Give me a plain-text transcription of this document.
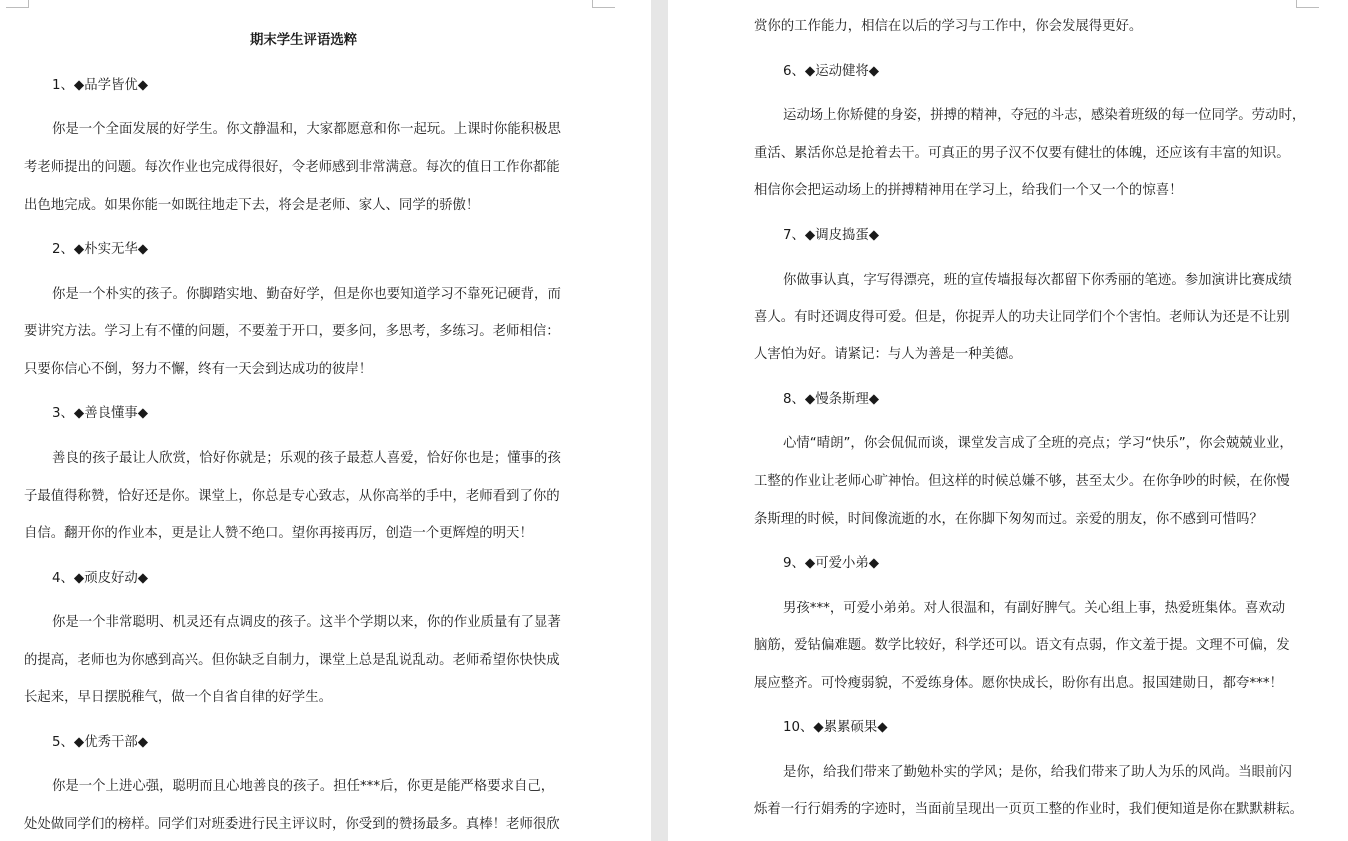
期末学生评语选粹
1、◆品学皆优◆
你是一个全面发展的好学生。你文静温和，大家都愿意和你一起玩。上课时你能积极思
考老师提出的问题。每次作业也完成得很好，令老师感到非常满意。每次的值日工作你都能
出色地完成。如果你能一如既往地走下去，将会是老师、家人、同学的骄傲！
2、◆朴实无华◆
你是一个朴实的孩子。你脚踏实地、勤奋好学，但是你也要知道学习不靠死记硬背，而
要讲究方法。学习上有不懂的问题，不要羞于开口，要多问，多思考，多练习。老师相信：
只要你信心不倒，努力不懈，终有一天会到达成功的彼岸！
3、◆善良懂事◆
善良的孩子最让人欣赏，恰好你就是；乐观的孩子最惹人喜爱，恰好你也是；懂事的孩
子最值得称赞，恰好还是你。课堂上，你总是专心致志，从你高举的手中，老师看到了你的
自信。翻开你的作业本，更是让人赞不绝口。望你再接再厉，创造一个更辉煌的明天！
4、◆顽皮好动◆
你是一个非常聪明、机灵还有点调皮的孩子。这半个学期以来，你的作业质量有了显著
的提高，老师也为你感到高兴。但你缺乏自制力，课堂上总是乱说乱动。老师希望你快快成
长起来，早日摆脱稚气，做一个自省自律的好学生。
5、◆优秀干部◆
你是一个上进心强，聪明而且心地善良的孩子。担任***后，你更是能严格要求自己，
处处做同学们的榜样。同学们对班委进行民主评议时，你受到的赞扬最多。真棒！老师很欣
赏你的工作能力，相信在以后的学习与工作中，你会发展得更好。
6、◆运动健将◆
运动场上你矫健的身姿，拼搏的精神，夺冠的斗志，感染着班级的每一位同学。劳动时，
重活、累活你总是抢着去干。可真正的男子汉不仅要有健壮的体魄，还应该有丰富的知识。
相信你会把运动场上的拼搏精神用在学习上，给我们一个又一个的惊喜！
7、◆调皮捣蛋◆
你做事认真，字写得漂亮，班的宣传墙报每次都留下你秀丽的笔迹。参加演讲比赛成绩
喜人。有时还调皮得可爱。但是，你捉弄人的功夫让同学们个个害怕。老师认为还是不让别
人害怕为好。请紧记：与人为善是一种美德。
8、◆慢条斯理◆
心情“晴朗”，你会侃侃而谈，课堂发言成了全班的亮点；学习“快乐”，你会兢兢业业，
工整的作业让老师心旷神怡。但这样的时候总嫌不够，甚至太少。在你争吵的时候，在你慢
条斯理的时候，时间像流逝的水，在你脚下匆匆而过。亲爱的朋友，你不感到可惜吗？
9、◆可爱小弟◆
男孩***，可爱小弟弟。对人很温和，有副好脾气。关心组上事，热爱班集体。喜欢动
脑筋，爱钻偏难题。数学比较好，科学还可以。语文有点弱，作文羞于提。文理不可偏，发
展应整齐。可怜瘦弱貌，不爱练身体。愿你快成长，盼你有出息。报国建勋日，都夸***！
10、◆累累硕果◆
是你，给我们带来了勤勉朴实的学风；是你，给我们带来了助人为乐的风尚。当眼前闪
烁着一行行娟秀的字迹时，当面前呈现出一页页工整的作业时，我们便知道是你在默默耕耘。
